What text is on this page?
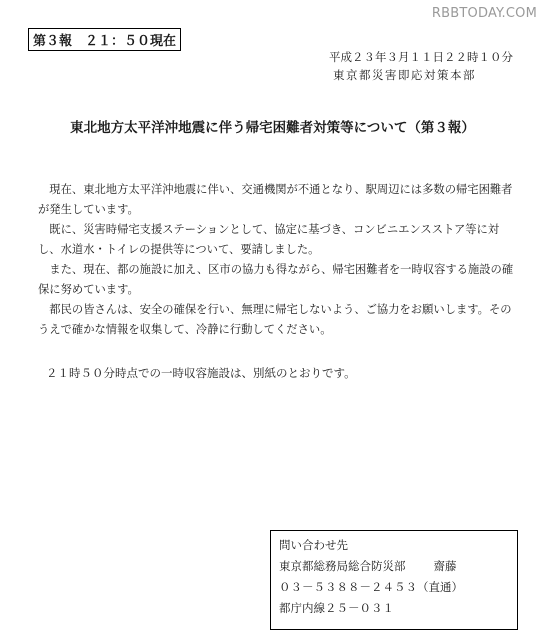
RBBTODAY.COM
第３報　２１：５０現在
平成２３年３月１１日２２時１０分
東京都災害即応対策本部
東北地方太平洋沖地震に伴う帰宅困難者対策等について（第３報）

現在、東北地方太平洋沖地震に伴い、交通機関が不通となり、駅周辺には多数の帰宅困難者が発生しています。

既に、災害時帰宅支援ステーションとして、協定に基づき、コンビニエンスストア等に対し、水道水・トイレの提供等について、要請しました。

また、現在、都の施設に加え、区市の協力も得ながら、帰宅困難者を一時収容する施設の確保に努めています。

都民の皆さんは、安全の確保を行い、無理に帰宅しないよう、ご協力をお願いします。そのうえで確かな情報を収集して、冷静に行動してください。

２１時５０分時点での一時収容施設は、別紙のとおりです。
問い合わせ先
東京都総務局総合防災部 齋藤
０３－５３８８－２４５３（直通）
都庁内線２５－０３１
